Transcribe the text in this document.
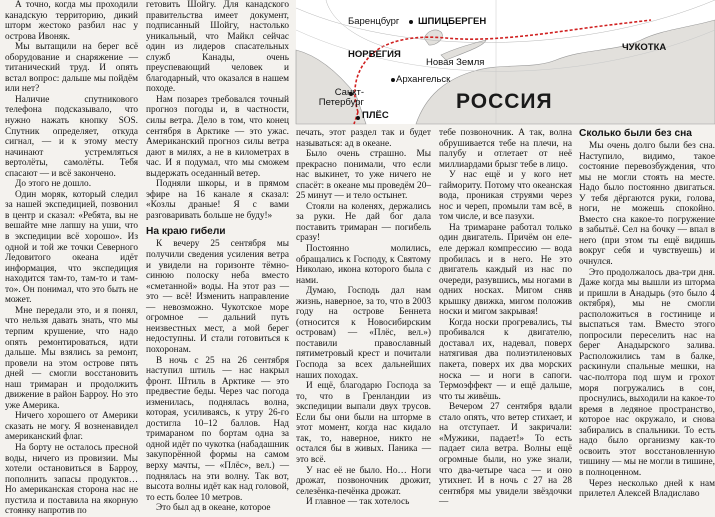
А точно, когда мы проходили канадскую территорию, дикий шторм жестоко разбил нас у острова Ивоняк.

Мы вытащили на берег всё оборудование и снаряжение — титанический труд. И опять встал вопрос: дальше мы пойдём или нет?

Наличие спутникового телефона подсказывало, что нужно нажать кнопку SOS. Спутник определяет, откуда сигнал, — и к этому месту начинают устремляться вертолёты, самолёты. Тебя спасают — и всё закончено.

До этого не дошло.

Один моряк, который следил за нашей экспедицией, позвонил в центр и сказал: «Ребята, вы не вешайте мне лапшу на уши, что в экспедиции всё хорошо». Из одной и той же точки Северного Ледовитого океана идёт информация, что экспедиция находится там-то, там-то и там-то». Он понимал, что это быть не может.

Мне передали это, и я понял, что нельзя давать знать, что мы терпим крушение, что надо опять ремонтироваться, идти дальше. Мы взялись за ремонт, провели на этом острове пять дней — смогли восстановить наш тримаран и продолжить движение в район Барроу. Но это уже Америка.

Ничего хорошего от Америки сказать не могу. Я возненавидел американский флаг.

На борту не осталось пресной воды, ничего из провизии. Мы хотели остановиться в Барроу, пополнить запасы продуктов… Но американская сторона нас не пустила и поставила на якорную стоянку напротив по

гетовить Шойгу. Для канадского правительства имеет документ, подписанный Шойгу, настолько уникальный, что Майкл сейчас один из лидеров спасательных служб Канады, очень преуспевающий человек и благодарный, что оказался в нашем походе.

Нам позарез требовался точный прогноз погоды и, в частности, силы ветра. Дело в том, что конец сентября в Арктике — это ужас. Американский прогноз силы ветра дают в милях, а не в километрах в час. И я подумал, что мы сможем выдержать оседанный ветер.

Подняли шкоры, и в прямом эфире на 16 канале я сказал: «Козлы драные! Я с вами разговаривать больше не буду!»

На краю гибели

К вечеру 25 сентября мы получили сведения усиления ветра и увидели на горизонте тёмно-синюю полоску неба вместо «сметанной» воды. На этот раз — это — всё! Изменить направление — невозможно. Чукотское море огромное — дальний путь неизвестных мест, а мой берег недоступны. И стали готовиться к похоронам.

В ночь с 25 на 26 сентября наступил штиль — нас накрыл фронт. Штиль в Арктике — это предвестие беды. Через час погода изменилась, поднялась волна, которая, усиливаясь, к утру 26-го достигла 10–12 баллов. Над тримараном по бортам одна за одной идёт по чукотка (набадашник закупорённой формы на самом верху мачты, — «Плёс», вел.) — поднялась на эти волну. Так вот, высота волны идёт как над головой, то есть более 10 метров.

Это был ад в океане, котоpoe

Баренцбург ШПИЦБЕРГЕН
НОРВЕГИЯ
ЧУКОТКА
Санкт-Петербург
Архангельск
Новая Земля
РОССИЯ
ПЛЁС

печать, этот раздел так и будет называться: ад в океане.

Было очень страшно. Мы прекрасно понимали, что если нас выкинет, то уже ничего не спасёт: в океане мы проведём 20–25 минут — и тело остынет.

Стояли на коленях, держались за руки. Не дай бог дала поставить тримаран — погибель сразу!

Постоянно молились, обращались к Господу, к Святому Николаю, икона которого была с нами.

Думаю, Господь дал нам жизнь, наверное, за то, что в 2003 году на острове Беннета (относится к Новосибирским островам) — «Плёс, вел.») поставили православный пятиметровый крест и почитали Господа за всех дальнейших наших походах.

И ещё, благодарю Господа за то, что в Гренландии из экспедиции выпали двух трусов. Если бы они были на шторме в этот момент, когда нас кидало так, то, наверное, никто не остался бы в живых. Паника — это всё.

У нас её не было. Но… Ноги дрожат, позвоночник дрожит, селезёнка-печёнка дрожат.

И главное — так хотелось

тебе позвоночник. А так, волна обрушивается тебе на плечи, на палубу и отлетает от неё миллиардами брызг тебе в лицо.

У нас ещё и у кого нет гаймориту. Потому что океанская вода, проникая струями через нос и череп, промыли там всё, в том числе, и все пазухи.

На тримаране работал только один двигатель. Причём он еле-еле держал компрессию — вода пробилась и в него. Не это двигатель каждый из нас по очереди, разувшись, мы ногами в одних носках. Мигом сняв крышку движка, мигом положив носки и мигом закрывая!

Когда носки прогревались, ты пробивался к двигателю, доставал их, надевал, поверх натягивая два полиэтиленовых пакета, поверх их два морских носка — и ноги в сапоги. Термоэффект — и ещё дальше, что ты живёшь.

Вечером 27 сентября вдали стало опять, что ветер стихает, и на отступает. И закричали: «Мужики, падает!» То есть падает сила ветра. Волны ещё огромные были, но уже знали, что два-четыре часа — и оно утихнет. И в ночь с 27 на 28 сентября мы увидели звёздочки —

Сколько были без сна

Мы очень долго были без сна. Наступило, видимо, такое состояние перевозбуждения, что мы не могли стоять на месте. Надо было постоянно двигаться. У тебя дёргаются руки, голова, ноги, не можешь спокойно. Вместо сна какое-то погружение в забытьё. Сел на бочку — впал в него (при этом ты ещё видишь вокруг себя и чувствуешь) и очнулся.

Это продолжалось два-три дня. Даже когда мы вышли из шторма и пришли в Анадырь (это было 4 октября), мы не смогли расположиться в гостинице и выспаться там. Вместо этого попросили переселить нас на берег Анадырского залива. Расположились там в балке, раскинули спальные мешки, на час-полтора под шум и грохот моря погружались в сон, проснулись, выходили на какое-то время в ледяное пространство, которое нас окружало, и снова забирались в спальники. То есть надо было организму как-то освоить этот восстановленную тишину — мы не могли в тишине, в полноценном.

Через несколько дней к нам прилетел Алексей Владиславо
